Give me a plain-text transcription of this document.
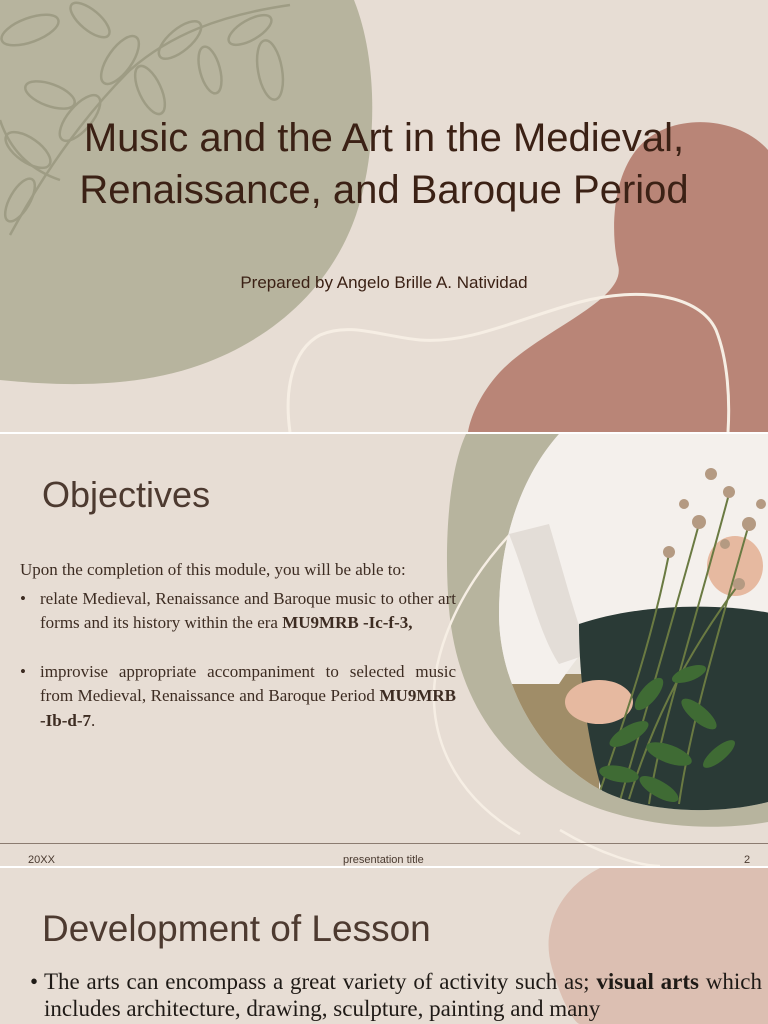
Music and the Art in the Medieval, Renaissance, and Baroque Period

Prepared by Angelo Brille A. Natividad

Objectives

Upon the completion of this module, you will be able to:

• relate Medieval, Renaissance and Baroque music to other art forms and its history within the era MU9MRB -Ic-f-3,
• improvise appropriate accompaniment to selected music from Medieval, Renaissance and Baroque Period MU9MRB -Ib-d-7.
20XX	presentation title	2
Development of Lesson
• The arts can encompass a great variety of activity such as; visual arts which includes architecture, drawing, sculpture, painting and many
